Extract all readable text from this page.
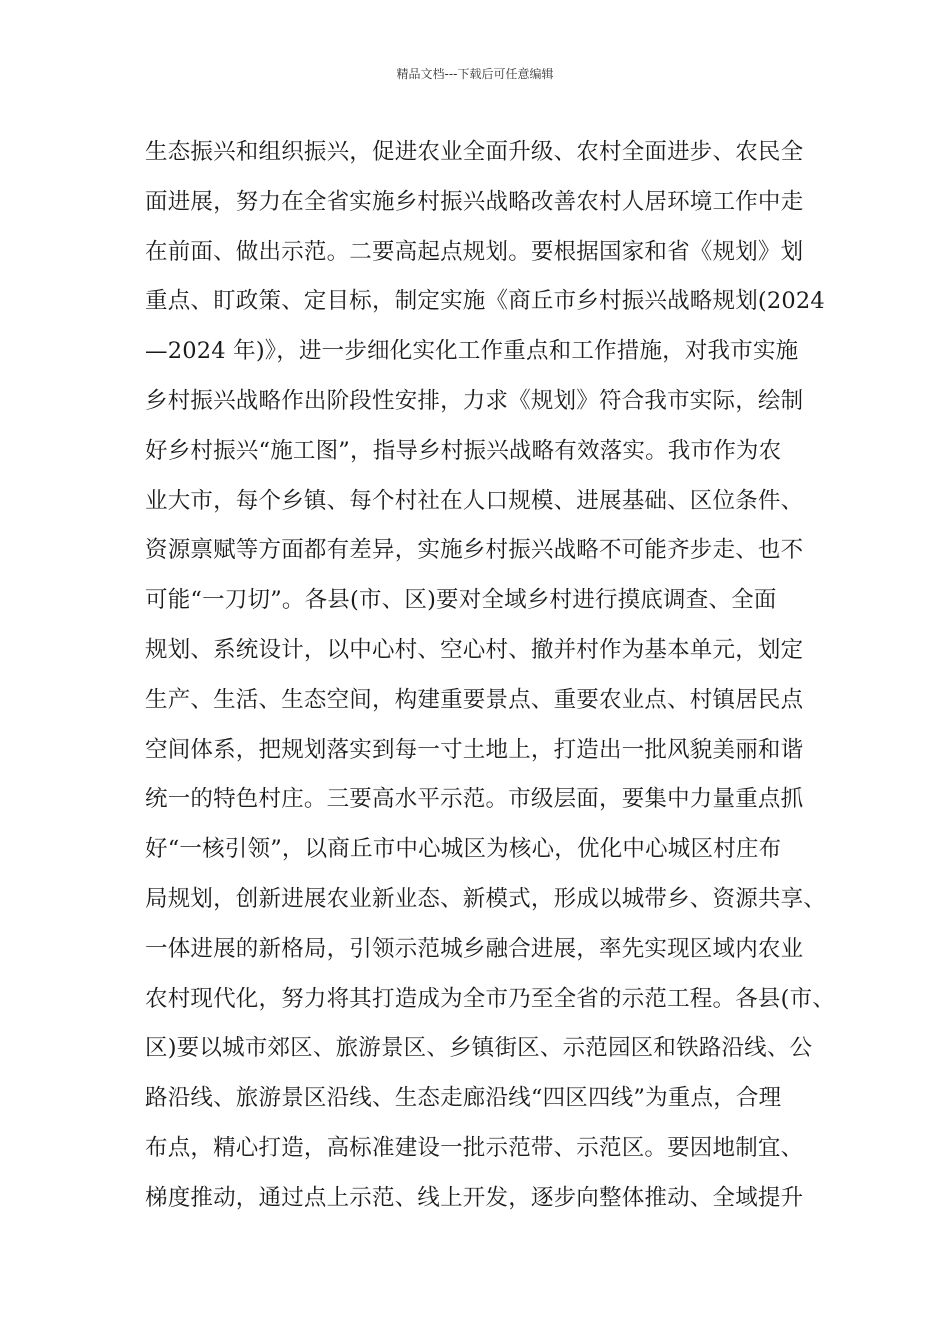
精品文档---下载后可任意编辑
生态振兴和组织振兴，促进农业全面升级、农村全面进步、农民全
面进展，努力在全省实施乡村振兴战略改善农村人居环境工作中走
在前面、做出示范。二要高起点规划。要根据国家和省《规划》划
重点、盯政策、定目标，制定实施《商丘市乡村振兴战略规划(2024
—2024 年)》，进一步细化实化工作重点和工作措施，对我市实施
乡村振兴战略作出阶段性安排，力求《规划》符合我市实际，绘制
好乡村振兴“施工图”，指导乡村振兴战略有效落实。我市作为农
业大市，每个乡镇、每个村社在人口规模、进展基础、区位条件、
资源禀赋等方面都有差异，实施乡村振兴战略不可能齐步走、也不
可能“一刀切”。各县(市、区)要对全域乡村进行摸底调查、全面
规划、系统设计，以中心村、空心村、撤并村作为基本单元，划定
生产、生活、生态空间，构建重要景点、重要农业点、村镇居民点
空间体系，把规划落实到每一寸土地上，打造出一批风貌美丽和谐
统一的特色村庄。三要高水平示范。市级层面，要集中力量重点抓
好“一核引领”，以商丘市中心城区为核心，优化中心城区村庄布
局规划，创新进展农业新业态、新模式，形成以城带乡、资源共享、
一体进展的新格局，引领示范城乡融合进展，率先实现区域内农业
农村现代化，努力将其打造成为全市乃至全省的示范工程。各县(市、
区)要以城市郊区、旅游景区、乡镇街区、示范园区和铁路沿线、公
路沿线、旅游景区沿线、生态走廊沿线“四区四线”为重点，合理
布点，精心打造，高标准建设一批示范带、示范区。要因地制宜、
梯度推动，通过点上示范、线上开发，逐步向整体推动、全域提升
